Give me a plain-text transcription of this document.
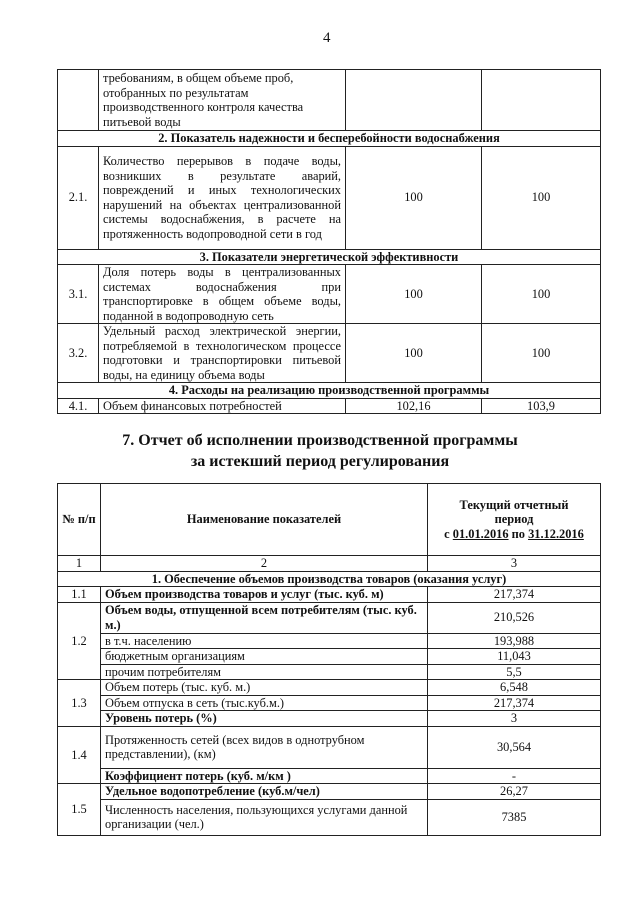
4
	требованиям, в общем объеме проб, отобранных по результатам производственного контроля качества питьевой воды		
2. Показатель надежности и бесперебойности водоснабжения			
2.1.	Количество перерывов в подаче воды, возникших в результате аварий, повреждений и иных технологических нарушений на объектах централизованной системы водоснабжения, в расчете на протяженность водопроводной сети в год	100	100
3. Показатели энергетической эффективности			
3.1.	Доля потерь воды в централизованных системах водоснабжения при транспортировке в общем объеме воды, поданной в водопроводную сеть	100	100
3.2.	Удельный расход электрической энергии, потребляемой в технологическом процессе подготовки и транспортировки питьевой воды, на единицу объема воды	100	100
4. Расходы на реализацию производственной программы			
4.1.	Объем финансовых потребностей	102,16	103,9
7. Отчет об исполнении производственной программы
за истекший период регулирования
№ п/п	Наименование показателей	Текущий отчетный
период
с 01.01.2016 по 31.12.2016

1	2	3
1. Обеспечение объемов производства товаров (оказания услуг)		
1.1	Объем производства товаров и услуг (тыс. куб. м)	217,374
1.2	Объем воды, отпущенной всем потребителям (тыс. куб. м.)	210,526
	в т.ч. населению	193,988
	бюджетным организациям	11,043
	прочим потребителям	5,5
1.3	Объем потерь (тыс. куб. м.)	6,548
	Объем отпуска в сеть (тыс.куб.м.)	217,374
	Уровень потерь (%)	3
1.4	Протяженность сетей (всех видов в однотрубном представлении), (км)	30,564
	Коэффициент потерь (куб. м/км )	-
1.5	Удельное водопотребление (куб.м/чел)	26,27
	Численность населения, пользующихся услугами данной организации (чел.)	7385
